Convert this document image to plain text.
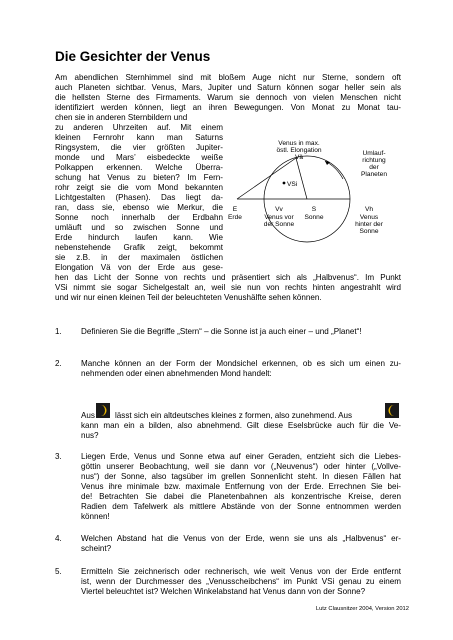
Die Gesichter der Venus
Am abendlichen Sternhimmel sind mit bloßem Auge nicht nur Sterne, sondern oft
auch Planeten sichtbar. Venus, Mars, Jupiter und Saturn können sogar heller sein als
die hellsten Sterne des Firmaments. Warum sie dennoch von vielen Menschen nicht
identifiziert werden können, liegt an ihren Bewegungen. Von Monat zu Monat tau-
chen sie in anderen Sternbildern und
zu anderen Uhrzeiten auf. Mit einem
kleinen Fernrohr kann man Saturns
Ringsystem, die vier größten Jupiter-
monde und Mars’ eisbedeckte weiße
Polkappen erkennen. Welche Überra-
schung hat Venus zu bieten? Im Fern-
rohr zeigt sie die vom Mond bekannten
Lichtgestalten (Phasen). Das liegt da-
ran, dass sie, ebenso wie Merkur, die
Sonne noch innerhalb der Erdbahn
umläuft und so zwischen Sonne und
Erde hindurch laufen kann. Wie
nebenstehende Grafik zeigt, bekommt
sie z.B. in der maximalen östlichen
Elongation Vä von der Erde aus gese-
hen das Licht der Sonne von rechts und präsentiert sich als „Halbvenus“. Im Punkt
VSi nimmt sie sogar Sichelgestalt an, weil sie nun von rechts hinten angestrahlt wird
und wir nur einen kleinen Teil der beleuchteten Venushälfte sehen können.
Venus in max.
östl. Elongation
Vä
Umlauf-
richtung
der
Planeten
VSi
E
Erde
Vv
Venus vor
der Sonne
S
Sonne
Vh
Venus
hinter der
Sonne
1. Definieren Sie die Begriffe „Stern“ – die Sonne ist ja auch einer – und „Planet“!
2. Manche können an der Form der Mondsichel erkennen, ob es sich um einen zu-
nehmenden oder einen abnehmenden Mond handelt:
Aus lässt sich ein altdeutsches kleines z formen, also zunehmend. Aus
kann man ein a bilden, also abnehmend. Gilt diese Eselsbrücke auch für die Ve-
nus?
3. Liegen Erde, Venus und Sonne etwa auf einer Geraden, entzieht sich die Liebes-
göttin unserer Beobachtung, weil sie dann vor („Neuvenus“) oder hinter („Vollve-
nus“) der Sonne, also tagsüber im grellen Sonnenlicht steht. In diesen Fällen hat
Venus ihre minimale bzw. maximale Entfernung von der Erde. Errechnen Sie bei-
de! Betrachten Sie dabei die Planetenbahnen als konzentrische Kreise, deren
Radien dem Tafelwerk als mittlere Abstände von der Sonne entnommen werden
können!
4. Welchen Abstand hat die Venus von der Erde, wenn sie uns als „Halbvenus“ er-
scheint?
5. Ermitteln Sie zeichnerisch oder rechnerisch, wie weit Venus von der Erde entfernt
ist, wenn der Durchmesser des „Venusscheibchens“ im Punkt VSi genau zu einem
Viertel beleuchtet ist? Welchen Winkelabstand hat Venus dann von der Sonne?
Lutz Clausnitzer 2004, Version 2012
